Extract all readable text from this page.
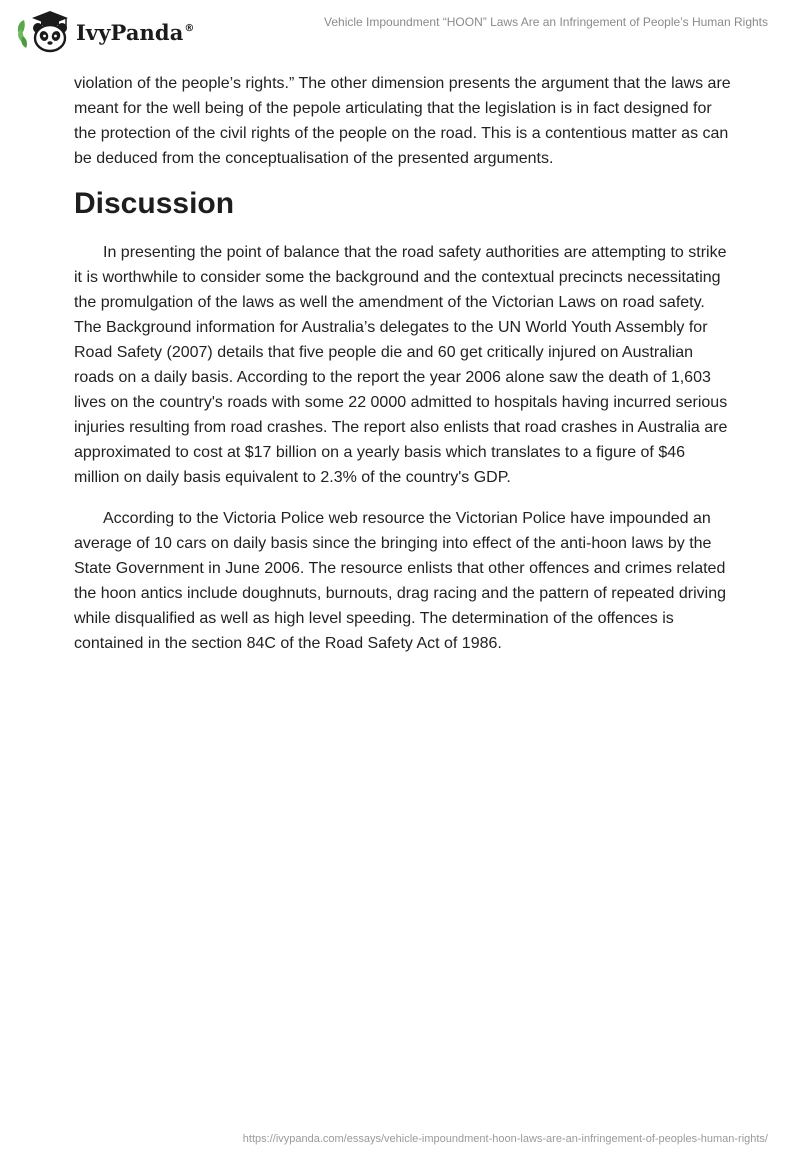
IvyPanda®	Vehicle Impoundment “HOON” Laws Are an Infringement of People’s Human Rights

violation of the people’s rights.” The other dimension presents the argument that the laws are meant for the well being of the pepole articulating that the legislation is in fact designed for the protection of the civil rights of the people on the road. This is a contentious matter as can be deduced from the conceptualisation of the presented arguments.

Discussion

In presenting the point of balance that the road safety authorities are attempting to strike it is worthwhile to consider some the background and the contextual precincts necessitating the promulgation of the laws as well the amendment of the Victorian Laws on road safety. The Background information for Australia’s delegates to the UN World Youth Assembly for Road Safety (2007) details that five people die and 60 get critically injured on Australian roads on a daily basis. According to the report the year 2006 alone saw the death of 1,603 lives on the country's roads with some 22 0000 admitted to hospitals having incurred serious injuries resulting from road crashes. The report also enlists that road crashes in Australia are approximated to cost at $17 billion on a yearly basis which translates to a figure of $46 million on daily basis equivalent to 2.3% of the country's GDP.

According to the Victoria Police web resource the Victorian Police have impounded an average of 10 cars on daily basis since the bringing into effect of the anti-hoon laws by the State Government in June 2006. The resource enlists that other offences and crimes related the hoon antics include doughnuts, burnouts, drag racing and the pattern of repeated driving while disqualified as well as high level speeding. The determination of the offences is contained in the section 84C of the Road Safety Act of 1986.

https://ivypanda.com/essays/vehicle-impoundment-hoon-laws-are-an-infringement-of-peoples-human-rights/
